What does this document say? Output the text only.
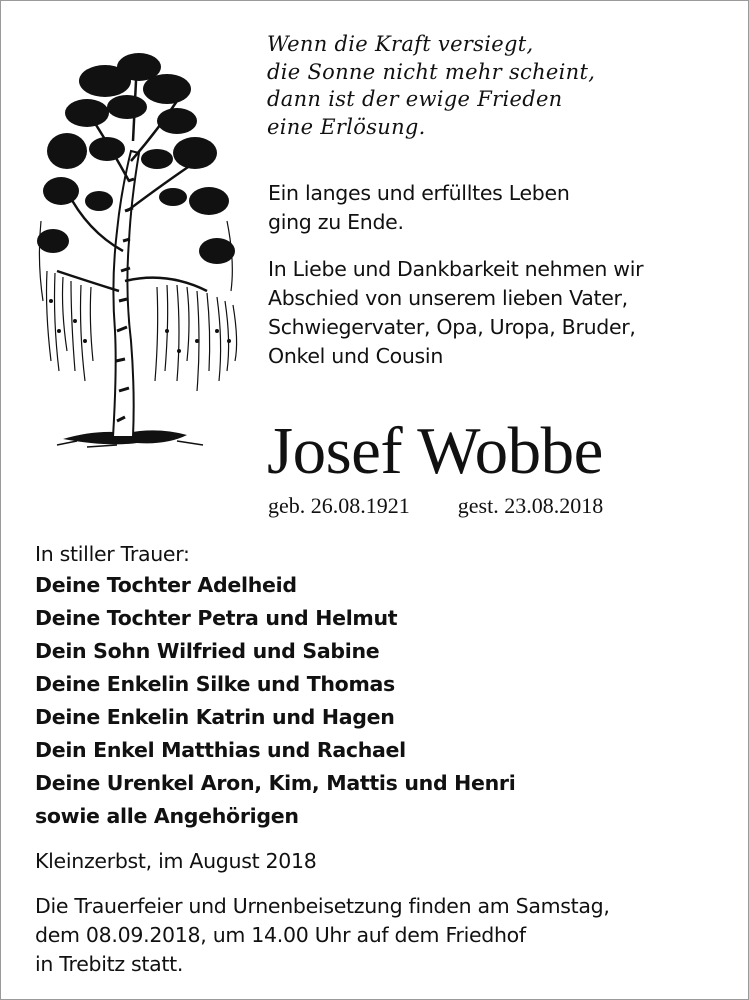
Wenn die Kraft versiegt,
die Sonne nicht mehr scheint,
dann ist der ewige Frieden
eine Erlösung.
Ein langes und erfülltes Leben
ging zu Ende.
In Liebe und Dankbarkeit nehmen wir
Abschied von unserem lieben Vater,
Schwiegervater, Opa, Uropa, Bruder,
Onkel und Cousin
Josef Wobbe
geb. 26.08.1921 gest. 23.08.2018
In stiller Trauer:
Deine Tochter Adelheid
Deine Tochter Petra und Helmut
Dein Sohn Wilfried und Sabine
Deine Enkelin Silke und Thomas
Deine Enkelin Katrin und Hagen
Dein Enkel Matthias und Rachael
Deine Urenkel Aron, Kim, Mattis und Henri
sowie alle Angehörigen
Kleinzerbst, im August 2018
Die Trauerfeier und Urnenbeisetzung finden am Samstag,
dem 08.09.2018, um 14.00 Uhr auf dem Friedhof
in Trebitz statt.
